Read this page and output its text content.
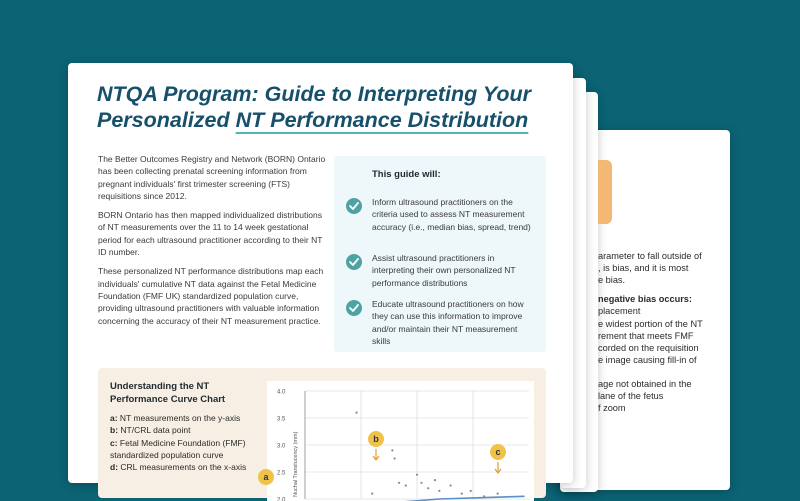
arameter to fall outside of
, is bias, and it is most
e bias.
negative bias occurs:
placement
e widest portion of the NT
rement that meets FMF
corded on the requisition
e image causing fill-in of
age not obtained in the
lane of the fetus
f zoom
NTQA Program: Guide to Interpreting Your
Personalized NT Performance Distribution

The Better Outcomes Registry and Network (BORN) Ontario has been collecting prenatal screening information from pregnant individuals' first trimester screening (FTS) requisitions since 2012.

BORN Ontario has then mapped individualized distributions of NT measurements over the 11 to 14 week gestational period for each ultrasound practitioner according to their NT ID number.

These personalized NT performance distributions map each individuals' cumulative NT data against the Fetal Medicine Foundation (FMF UK) standardized population curve, providing ultrasound practitioners with valuable information concerning the accuracy of their NT measurement practice.

This guide will:
Inform ultrasound practitioners on the criteria used to assess NT measurement accuracy (i.e., median bias, spread, trend)
Assist ultrasound practitioners in interpreting their own personalized NT performance distributions
Educate ultrasound practitioners on how they can use this information to improve and/or maintain their NT measurement skills
Understanding the NT Performance Curve Chart
a: NT measurements on the y-axis
b: NT/CRL data point
c: Fetal Medicine Foundation (FMF) standardized population curve
d: CRL measurements on the x-axis
4.0
3.5
3.0
2.5
2.0
Nuchal Translucency (mm)
a
b
c
